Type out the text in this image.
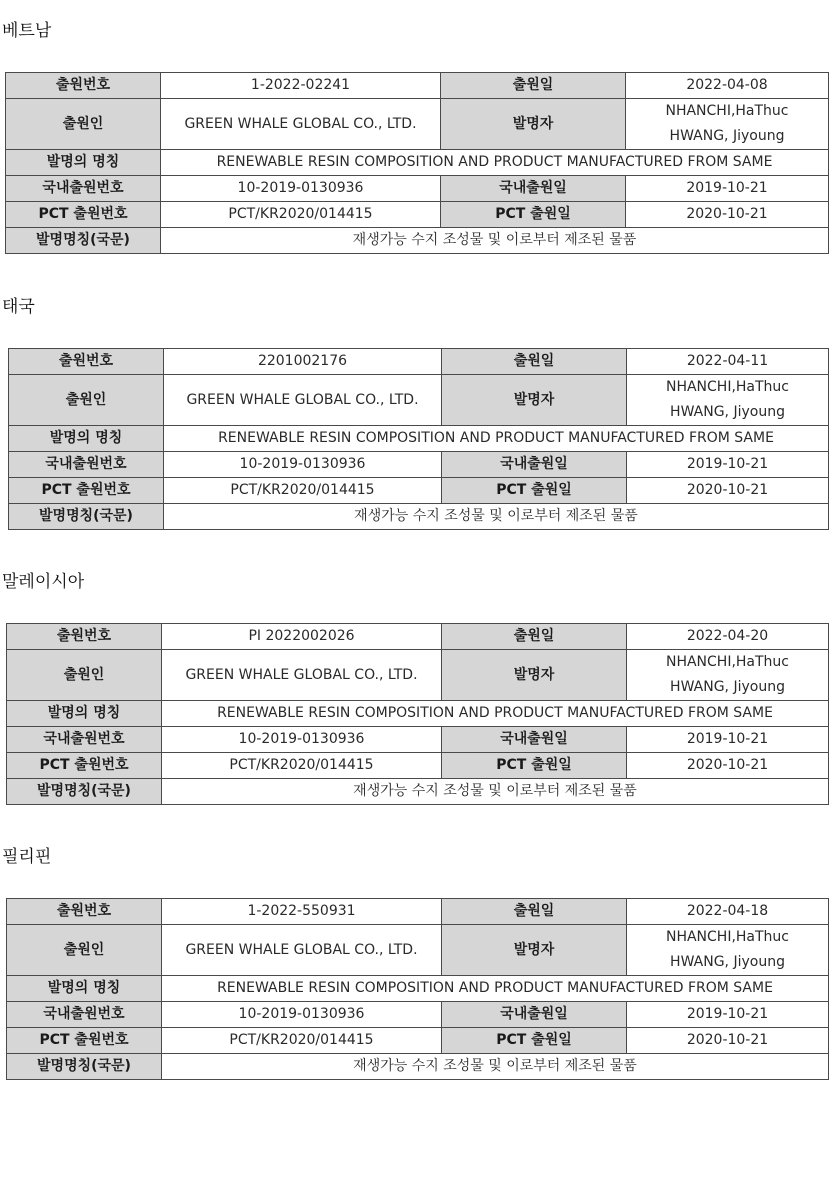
베트남
출원번호	1-2022-02241	출원일	2022-04-08
출원인	GREEN WHALE GLOBAL CO., LTD.	발명자	NHANCHI,HaThuc
HWANG, Jiyoung

발명의 명칭	RENEWABLE RESIN COMPOSITION AND PRODUCT MANUFACTURED FROM SAME		
국내출원번호	10-2019-0130936	국내출원일	2019-10-21
PCT 출원번호	PCT/KR2020/014415	PCT 출원일	2020-10-21
발명명칭(국문)	재생가능 수지 조성물 및 이로부터 제조된 물품		
태국
출원번호	2201002176	출원일	2022-04-11
출원인	GREEN WHALE GLOBAL CO., LTD.	발명자	NHANCHI,HaThuc
HWANG, Jiyoung

발명의 명칭	RENEWABLE RESIN COMPOSITION AND PRODUCT MANUFACTURED FROM SAME		
국내출원번호	10-2019-0130936	국내출원일	2019-10-21
PCT 출원번호	PCT/KR2020/014415	PCT 출원일	2020-10-21
발명명칭(국문)	재생가능 수지 조성물 및 이로부터 제조된 물품		
말레이시아
출원번호	PI 2022002026	출원일	2022-04-20
출원인	GREEN WHALE GLOBAL CO., LTD.	발명자	NHANCHI,HaThuc
HWANG, Jiyoung

발명의 명칭	RENEWABLE RESIN COMPOSITION AND PRODUCT MANUFACTURED FROM SAME		
국내출원번호	10-2019-0130936	국내출원일	2019-10-21
PCT 출원번호	PCT/KR2020/014415	PCT 출원일	2020-10-21
발명명칭(국문)	재생가능 수지 조성물 및 이로부터 제조된 물품		
필리핀
출원번호	1-2022-550931	출원일	2022-04-18
출원인	GREEN WHALE GLOBAL CO., LTD.	발명자	NHANCHI,HaThuc
HWANG, Jiyoung

발명의 명칭	RENEWABLE RESIN COMPOSITION AND PRODUCT MANUFACTURED FROM SAME		
국내출원번호	10-2019-0130936	국내출원일	2019-10-21
PCT 출원번호	PCT/KR2020/014415	PCT 출원일	2020-10-21
발명명칭(국문)	재생가능 수지 조성물 및 이로부터 제조된 물품		
